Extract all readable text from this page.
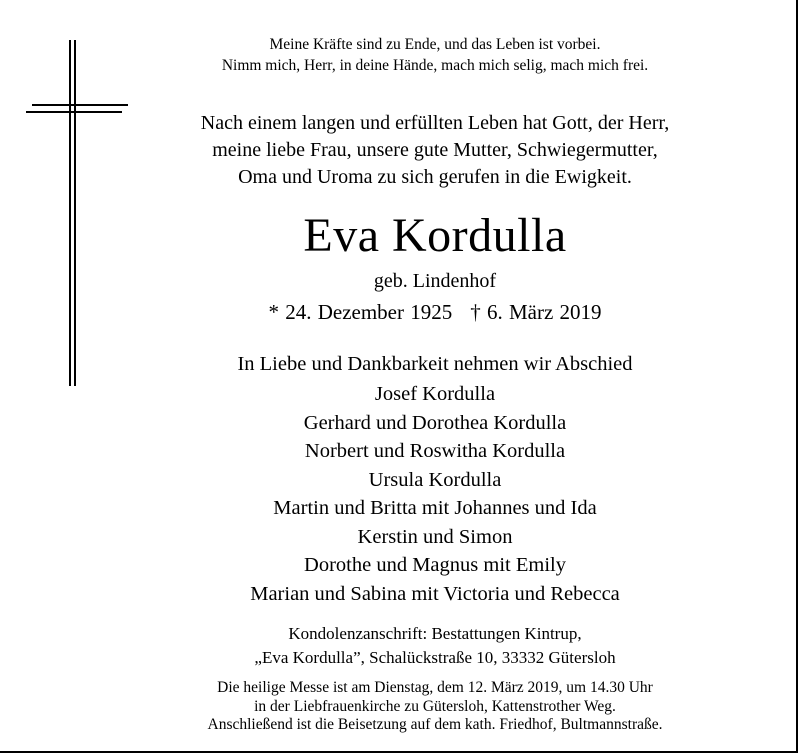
Meine Kräfte sind zu Ende, und das Leben ist vorbei.
Nimm mich, Herr, in deine Hände, mach mich selig, mach mich frei.
Nach einem langen und erfüllten Leben hat Gott, der Herr,
meine liebe Frau, unsere gute Mutter, Schwiegermutter,
Oma und Uroma zu sich gerufen in die Ewigkeit.
Eva Kordulla
geb. Lindenhof
* 24. Dezember 1925 † 6. März 2019
In Liebe und Dankbarkeit nehmen wir Abschied
Josef Kordulla
Gerhard und Dorothea Kordulla
Norbert und Roswitha Kordulla
Ursula Kordulla
Martin und Britta mit Johannes und Ida
Kerstin und Simon
Dorothe und Magnus mit Emily
Marian und Sabina mit Victoria und Rebecca
Kondolenzanschrift: Bestattungen Kintrup,
„Eva Kordulla”, Schalückstraße 10, 33332 Gütersloh
Die heilige Messe ist am Dienstag, dem 12. März 2019, um 14.30 Uhr
in der Liebfrauenkirche zu Gütersloh, Kattenstrother Weg.
Anschließend ist die Beisetzung auf dem kath. Friedhof, Bultmannstraße.
